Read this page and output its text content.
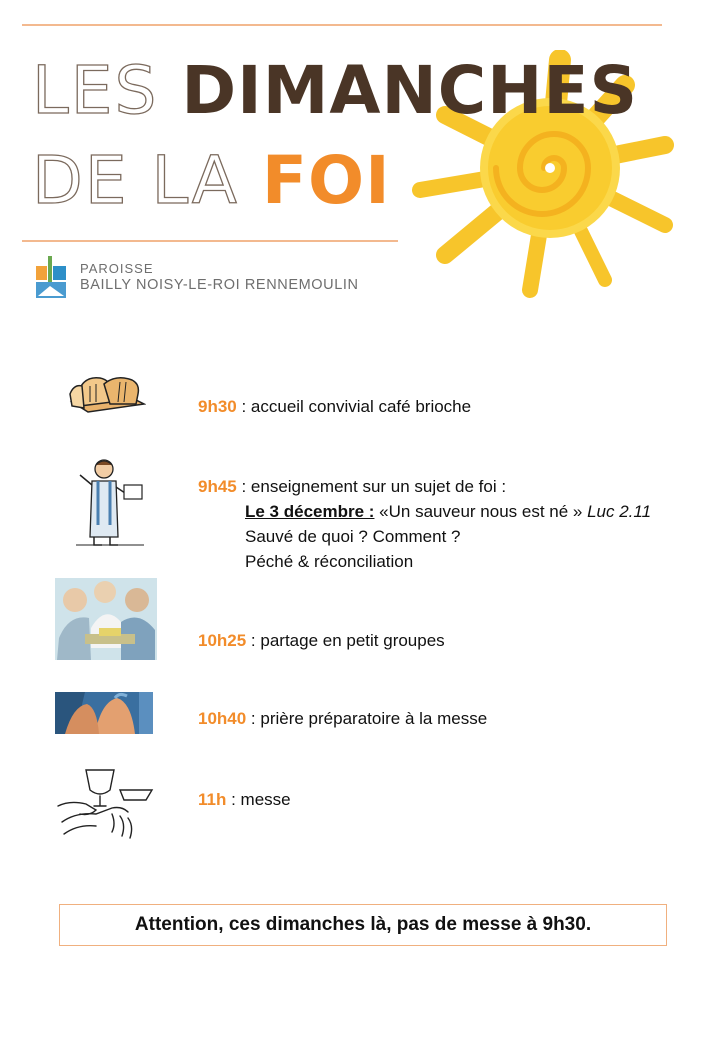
LES DIMANCHES
DE LA FOI
PAROISSE
BAILLY NOISY-LE-ROI RENNEMOULIN
9h30 : accueil convivial café brioche
9h45 : enseignement sur un sujet de foi :
Le 3 décembre : «Un sauveur nous est né » Luc 2.11
Sauvé de quoi ? Comment ?
Péché & réconciliation
10h25 : partage en petit groupes
10h40 : prière préparatoire à la messe
11h : messe
Attention, ces dimanches là, pas de messe à 9h30.
